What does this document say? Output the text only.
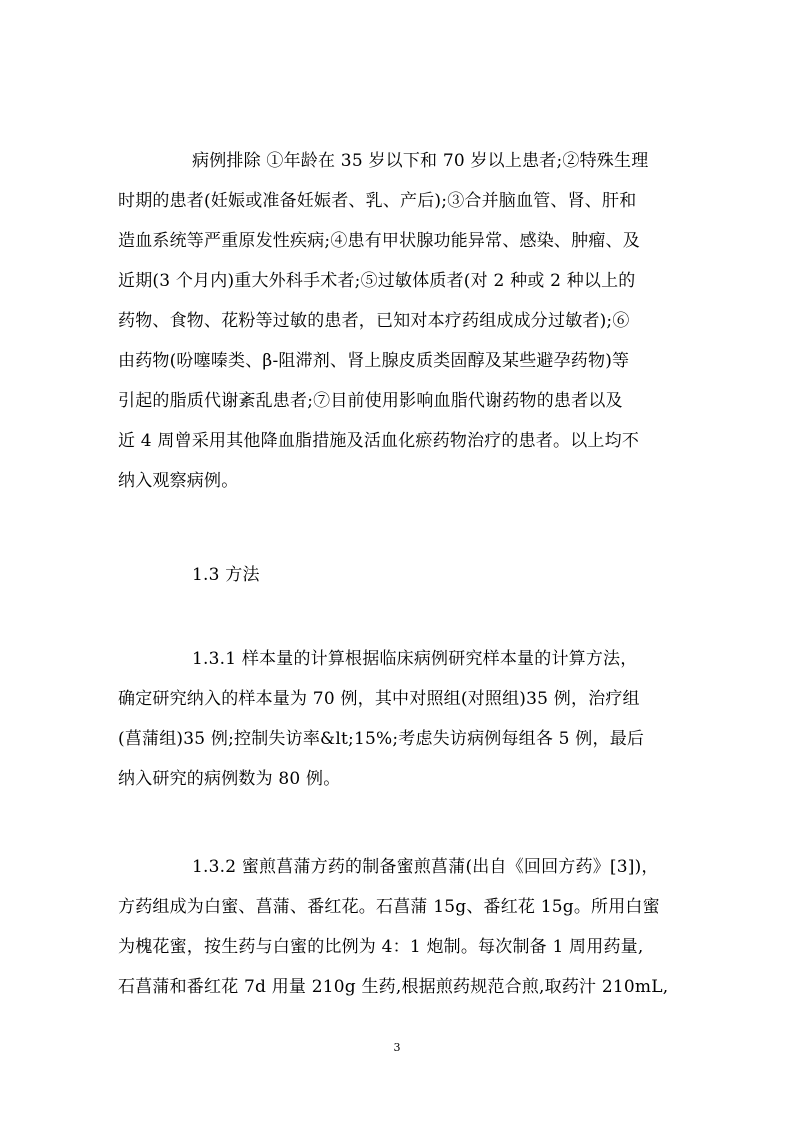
病例排除 ①年龄在 35 岁以下和 70 岁以上患者;②特殊生理
时期的患者(妊娠或准备妊娠者、乳、产后);③合并脑血管、肾、肝和
造血系统等严重原发性疾病;④患有甲状腺功能异常、感染、肿瘤、及
近期(3 个月内)重大外科手术者;⑤过敏体质者(对 2 种或 2 种以上的
药物、食物、花粉等过敏的患者，已知对本疗药组成成分过敏者);⑥
由药物(吩噻嗪类、β-阻滞剂、肾上腺皮质类固醇及某些避孕药物)等
引起的脂质代谢紊乱患者;⑦目前使用影响血脂代谢药物的患者以及
近 4 周曾采用其他降血脂措施及活血化瘀药物治疗的患者。以上均不
纳入观察病例。
1.3 方法
1.3.1 样本量的计算根据临床病例研究样本量的计算方法，
确定研究纳入的样本量为 70 例，其中对照组(对照组)35 例，治疗组
(菖蒲组)35 例;控制失访率&lt;15%;考虑失访病例每组各 5 例，最后
纳入研究的病例数为 80 例。
1.3.2 蜜煎菖蒲方药的制备蜜煎菖蒲(出自《回回方药》[3])，
方药组成为白蜜、菖蒲、番红花。石菖蒲 15g、番红花 15g。所用白蜜
为槐花蜜，按生药与白蜜的比例为 4：1 炮制。每次制备 1 周用药量,
石菖蒲和番红花 7d 用量 210g 生药,根据煎药规范合煎,取药汁 210mL,
3
